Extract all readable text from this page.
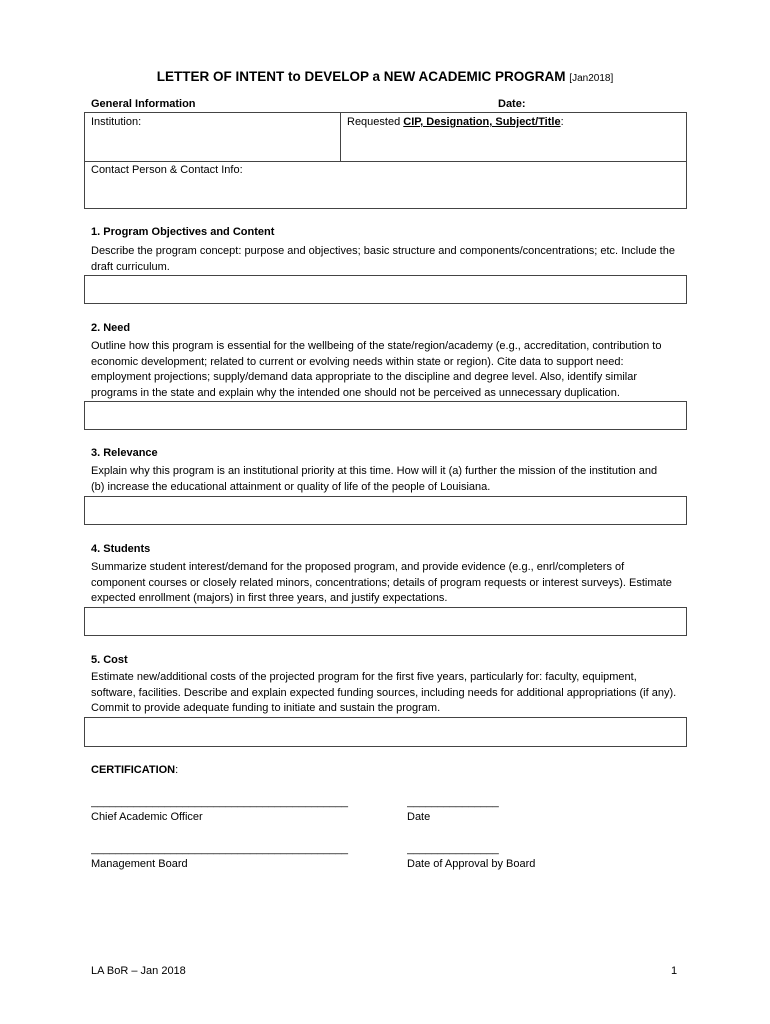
LETTER OF INTENT to DEVELOP a NEW ACADEMIC PROGRAM [Jan2018]
General Information	Date:
Institution:	Requested CIP, Designation, Subject/Title:
Contact Person & Contact Info:
1. Program Objectives and Content
Describe the program concept: purpose and objectives; basic structure and components/concentrations; etc. Include the
draft curriculum.
2. Need
Outline how this program is essential for the wellbeing of the state/region/academy (e.g., accreditation, contribution to
economic development; related to current or evolving needs within state or region). Cite data to support need:
employment projections; supply/demand data appropriate to the discipline and degree level. Also, identify similar
programs in the state and explain why the intended one should not be perceived as unnecessary duplication.
3. Relevance
Explain why this program is an institutional priority at this time. How will it (a) further the mission of the institution and
(b) increase the educational attainment or quality of life of the people of Louisiana.
4. Students
Summarize student interest/demand for the proposed program, and provide evidence (e.g., enrl/completers of
component courses or closely related minors, concentrations; details of program requests or interest surveys). Estimate
expected enrollment (majors) in first three years, and justify expectations.
5. Cost
Estimate new/additional costs of the projected program for the first five years, particularly for: faculty, equipment,
software, facilities. Describe and explain expected funding sources, including needs for additional appropriations (if any).
Commit to provide adequate funding to initiate and sustain the program.
CERTIFICATION:
__________________________________________
Chief Academic Officer
_______________
Date
__________________________________________
Management Board
_______________
Date of Approval by Board
LA BoR – Jan 2018	1
